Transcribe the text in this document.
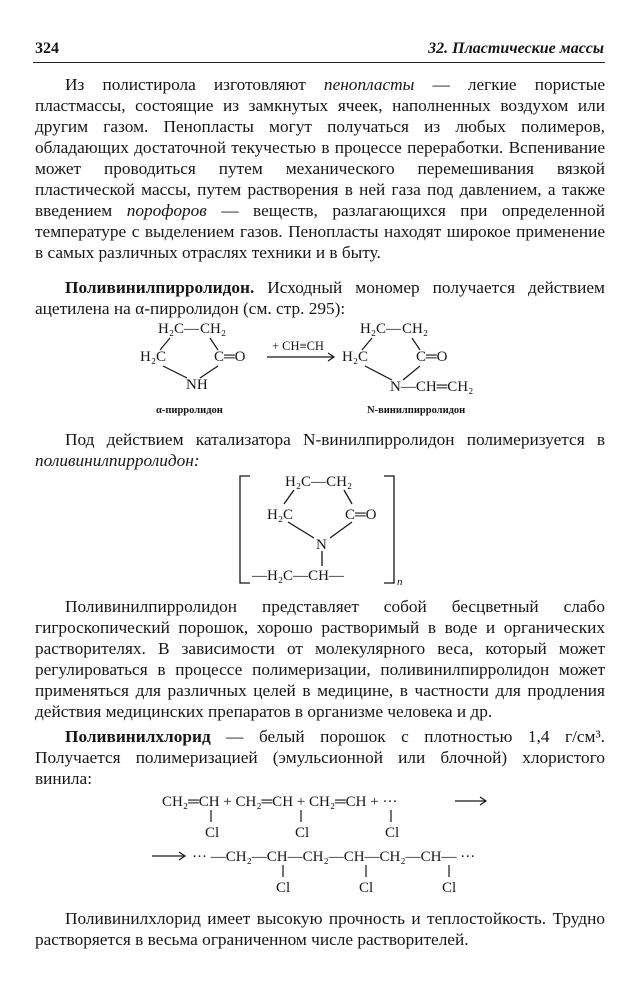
324	32. Пластические массы

Из полистирола изготовляют пенопласты — легкие пористые пластмассы, состоящие из замкнутых ячеек, наполненных воздухом или другим газом. Пенопласты могут получаться из любых полимеров, обладающих достаточной текучестью в процессе переработки. Вспенивание может проводиться путем механического перемешивания вязкой пластической массы, путем растворения в ней газа под давлением, а также введением порофоров — веществ, разлагающихся при определенной температуре с выделением газов. Пенопласты находят широкое применение в самых различных отраслях техники и в быту.

Поливинилпирролидон. Исходный мономер получается действием ацетилена на α-пирролидон (см. стр. 295):

H₂C — CH₂
H₂C	C═O
NH
+ CH≡CH
H₂C — CH₂
H₂C	C═O
N—CH═CH₂
α-пирролидон	N-винилпирролидон

Под действием катализатора N-винилпирролидон полимеризуется в поливинилпирролидон:

H₂C—CH₂
H₂C	C═O
N
—H₂C—CH—	n

Поливинилпирролидон представляет собой бесцветный слабо гигроскопический порошок, хорошо растворимый в воде и органических растворителях. В зависимости от молекулярного веса, который может регулироваться в процессе полимеризации, поливинилпирролидон может применяться для различных целей в медицине, в частности для продления действия медицинских препаратов в организме человека и др.

Поливинилхлорид — белый порошок с плотностью 1,4 г/см³. Получается полимеризацией (эмульсионной или блочной) хлористого винила:

CH₂═CH + CH₂═CH + CH₂═CH + ···
Cl	Cl	Cl
··· —CH₂—CH—CH₂—CH—CH₂—CH— ···
Cl	Cl	Cl

Поливинилхлорид имеет высокую прочность и теплостойкость. Трудно растворяется в весьма ограниченном числе растворителей.
